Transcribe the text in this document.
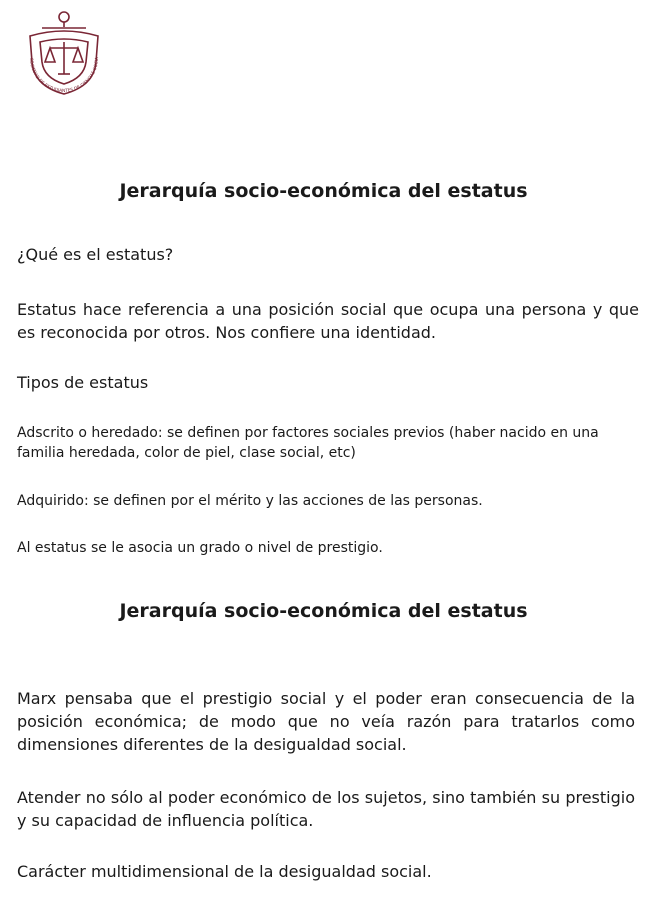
SOCIEDAD DE ESTUDIANTES DE CIENCIAS SOCIA
Jerarquía socio-económica del estatus
¿Qué es el estatus?
Estatus hace referencia a una posición social que ocupa una persona y que es reconocida por otros. Nos confiere una identidad.
Tipos de estatus
Adscrito o heredado: se definen por factores sociales previos (haber nacido en una familia heredada, color de piel, clase social, etc)
Adquirido: se definen por el mérito y las acciones de las personas.
Al estatus se le asocia un grado o nivel de prestigio.
Jerarquía socio-económica del estatus
Marx pensaba que el prestigio social y el poder eran consecuencia de la posición económica; de modo que no veía razón para tratarlos como dimensiones diferentes de la desigualdad social.
Atender no sólo al poder económico de los sujetos, sino también su prestigio y su capacidad de influencia política.
Carácter multidimensional de la desigualdad social.
